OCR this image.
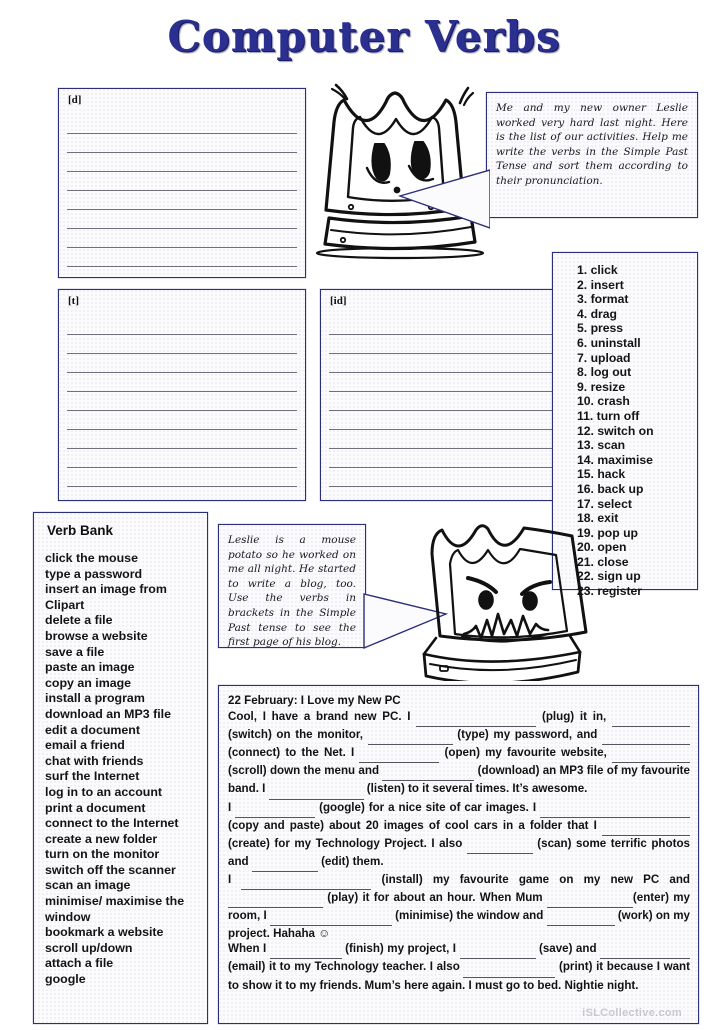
Computer Verbs
[d]
[t]	[id]
Me and my new owner Leslie worked very hard last night. Here is the list of our activities. Help me write the verbs in the Simple Past Tense and sort them according to their pronunciation.
1. click
2. insert
3. format
4. drag
5. press
6. uninstall
7. upload
8. log out
9. resize
10. crash
11. turn off
12. switch on
13. scan
14. maximise
15. hack
16. back up
17. select
18. exit
19. pop up
20. open
21. close
22. sign up
23. register
Verb Bank
click the mouse
type a password
insert an image from Clipart
delete a file
browse a website
save a file
paste an image
copy an image
install a program
download an MP3 file
edit a document
email a friend
chat with friends
surf the Internet
log in to an account
print a document
connect to the Internet
create a new folder
turn on the monitor
switch off the scanner
scan an image
minimise/ maximise the window
bookmark a website
scroll up/down
attach a file
google
Leslie is a mouse potato so he worked on me all night. He started to write a blog, too. Use the verbs in brackets in the Simple Past tense to see the first page of his blog.
22 February: I Love my New PC

Cool, I have a brand new PC. I	(plug) it in,   (switch) on the monitor,	(type) my password, and   (connect) to the Net. I	(open) my favourite website,   (scroll) down the menu and	(download) an MP3 file of my favourite band. I	(listen) to it several times. It’s awesome.
I	(google) for a nice site of car images. I   (copy and paste) about 20 images of cool cars in a folder that I   (create) for my Technology Project. I also	(scan) some terrific photos and	(edit) them.
I	(install) my favourite game on my new PC and   (play) it for about an hour. When Mum	(enter) my room, I	(minimise) the window and	(work) on my project. Hahaha ☺
When I	(finish) my project, I	(save) and   (email) it to my Technology teacher. I also	(print) it because I want to show it to my friends. Mum’s here again. I must go to bed. Nightie night.

iSLCollective.com
